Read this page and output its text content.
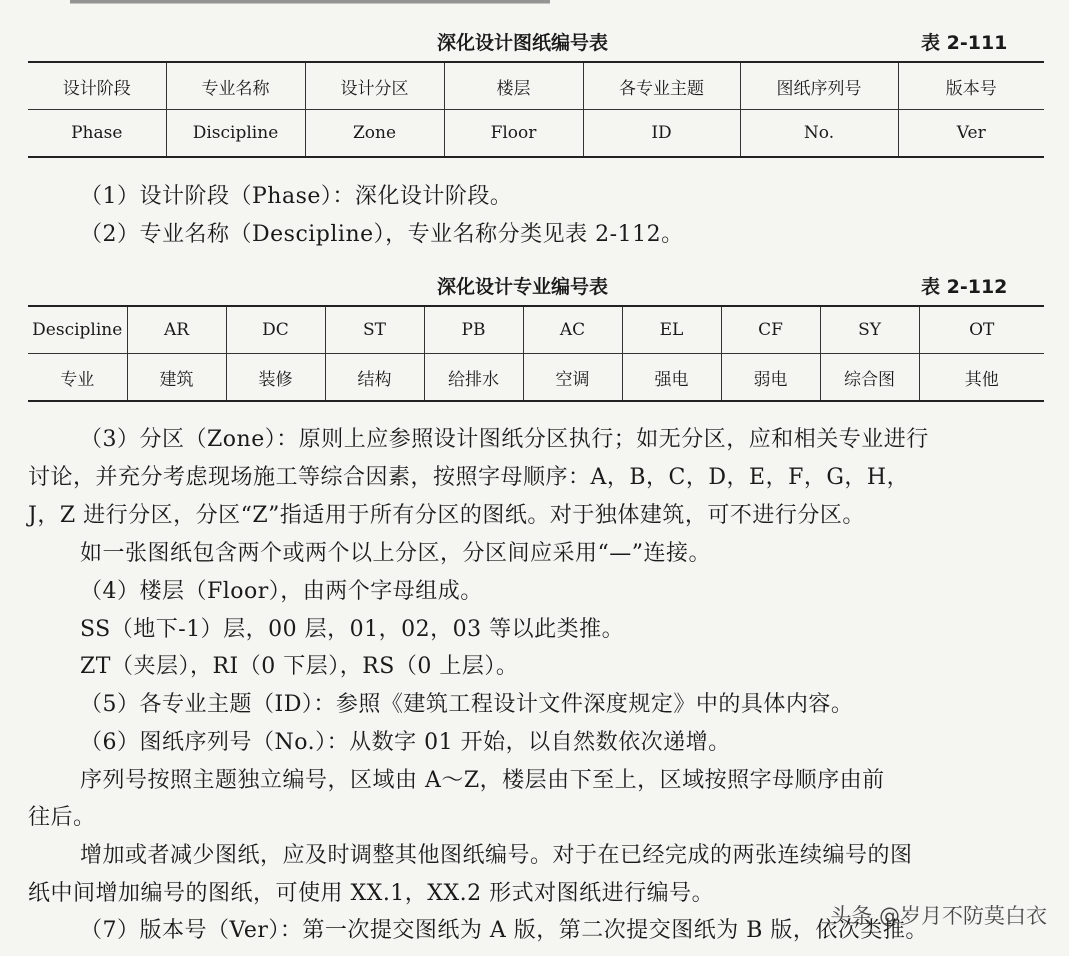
深化设计图纸编号表	表 2-111
设计阶段	专业名称	设计分区	楼层	各专业主题	图纸序列号	版本号
Phase	Discipline	Zone	Floor	ID	No.	Ver
（1）设计阶段（Phase）：深化设计阶段。
（2）专业名称（Descipline），专业名称分类见表 2-112。
深化设计专业编号表	表 2-112
Descipline	AR	DC	ST	PB	AC	EL	CF	SY	OT
专业	建筑	装修	结构	给排水	空调	强电	弱电	综合图	其他
（3）分区（Zone）：原则上应参照设计图纸分区执行；如无分区，应和相关专业进行
讨论，并充分考虑现场施工等综合因素，按照字母顺序：A，B，C，D，E，F，G，H，
J，Z 进行分区，分区“Z”指适用于所有分区的图纸。对于独体建筑，可不进行分区。
如一张图纸包含两个或两个以上分区，分区间应采用“—”连接。
（4）楼层（Floor），由两个字母组成。
SS（地下-1）层，00 层，01，02，03 等以此类推。
ZT（夹层），RI（0 下层），RS（0 上层）。
（5）各专业主题（ID）：参照《建筑工程设计文件深度规定》中的具体内容。
（6）图纸序列号（No.）：从数字 01 开始，以自然数依次递增。
序列号按照主题独立编号，区域由 A～Z，楼层由下至上，区域按照字母顺序由前
往后。
增加或者减少图纸，应及时调整其他图纸编号。对于在已经完成的两张连续编号的图
纸中间增加编号的图纸，可使用 XX.1，XX.2 形式对图纸进行编号。
（7）版本号（Ver）：第一次提交图纸为 A 版，第二次提交图纸为 B 版，依次类推。
头条 @岁月不防莫白衣
